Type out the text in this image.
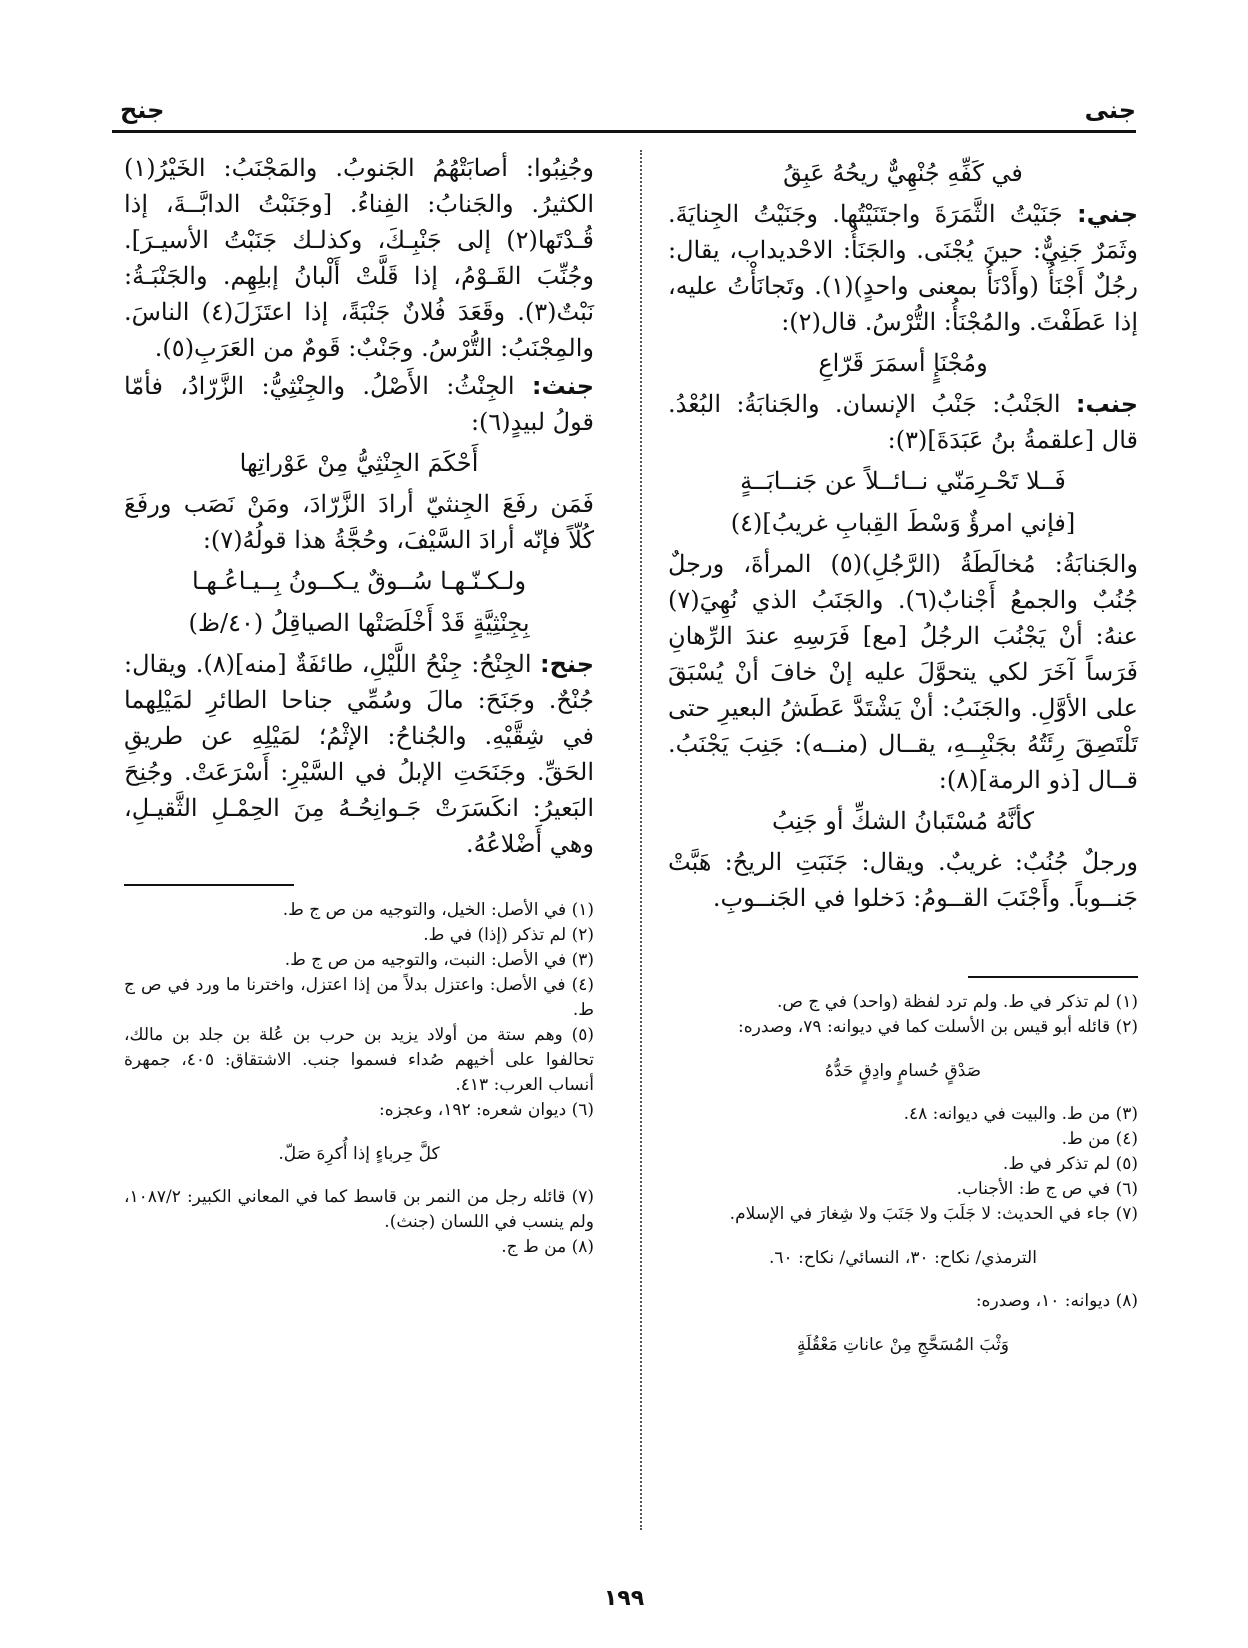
جنى
جنح
في كَفِّهِ جُنْهِيٌّ ريحُهُ عَبِقُ

جني: جَنَيْتُ الثَّمَرَةَ واجتَنَيْتُها. وجَنَيْتُ الجِنايَةَ. وثَمَرٌ جَنِيٌّ: حينَ يُجْنَى. والجَنَأُ: الاحْديداب، يقال: رجُلٌ أَجْنَأُ (وأَدْنَأُ بمعنى واحدٍ)(١). وتَجانَأْتُ عليه، إذا عَطَفْتَ. والمُجْنَأُ: التُّرْسُ. قال(٢):

ومُجْنَإٍ أسمَرَ قَرّاعِ

جنب: الجَنْبُ: جَنْبُ الإنسان. والجَنابَةُ: البُعْدُ. قال [علقمةُ بنُ عَبَدَةَ](٣):

فَــلا تَحْـرِمَنّي نــائــلاً عن جَنــابَــةٍ
[فإني امرؤٌ وَسْطَ القِبابِ غريبُ](٤)

والجَنابَةُ: مُخالَطَةُ (الرَّجُلِ)(٥) المرأةَ، ورجلٌ جُنُبٌ والجمعُ أَجْنابٌ(٦). والجَنَبُ الذي نُهِيَ(٧) عنهُ: أنْ يَجْنُبَ الرجُلُ [مع] فَرَسِهِ عندَ الرِّهانِ فَرَساً آخَرَ لكي يتحوَّلَ عليه إنْ خافَ أنْ يُسْبَقَ على الأوَّلِ. والجَنَبُ: أنْ يَشْتَدَّ عَطَشُ البعيرِ حتى تَلْتَصِقَ رِئَتُهُ بجَنْبِــهِ، يقــال (منــه): جَنِبَ يَجْنَبُ. قــال [ذو الرمة](٨):

كأنَّهُ مُسْتَبانُ الشكِّ أو جَنِبُ

ورجلٌ جُنُبٌ: غريبٌ. ويقال: جَنَبَتِ الريحُ: هَبَّتْ جَنــوباً. وأَجْنَبَ القــومُ: دَخلوا في الجَنــوبِ.

(١) لم تذكر في ط. ولم ترد لفظة (واحد) في ج ص.

(٢) قائله أبو قيس بن الأسلت كما في ديوانه: ٧٩، وصدره:

صَدْقٍ حُسامٍ وادِقٍ حَدُّهُ

(٣) من ط. والبيت في ديوانه: ٤٨.

(٤) من ط.

(٥) لم تذكر في ط.

(٦) في ص ج ط: الأجناب.

(٧) جاء في الحديث: لا جَلَبَ ولا جَنَبَ ولا شِغارَ في الإسلام.

الترمذي/ نكاح: ٣٠، النسائي/ نكاح: ٦٠.

(٨) ديوانه: ١٠، وصدره:

وَثْبَ المُسَحَّجِ مِنْ عاناتِ مَعْقُلَةٍ

وجُنِبُوا: أصابَتْهُمُ الجَنوبُ. والمَجْنَبُ: الخَيْرُ(١) الكثيرُ. والجَنابُ: الفِناءُ. [وجَنَبْتُ الدابَّــةَ، إذا قُـدْتَها(٢) إلى جَنْبِـكَ، وكذلـك جَنَبْتُ الأسيـرَ]. وجُنِّبَ القَـوْمُ، إذا قَلَّتْ أَلْبانُ إبلِهِم. والجَنْبَـةُ: نَبْتٌ(٣). وقَعَدَ فُلانٌ جَنْبَةً، إذا اعتَزَلَ(٤) الناسَ. والمِجْنَبُ: التُّرْسُ. وجَنْبٌ: قَومٌ من العَرَبِ(٥).

جنث: الجِنْثُ: الأَصْلُ. والجِنْثِيُّ: الزَّرّادُ، فأمّا قولُ لبيدٍ(٦):

أَحْكَمَ الجِنْثِيُّ مِنْ عَوْراتِها

فَمَن رفَعَ الجِنثيّ أرادَ الزَّرّادَ، ومَنْ نَصَب ورفَعَ كُلّاً فإنّه أرادَ السَّيْفَ، وحُجَّةُ هذا قولُهُ(٧):

ولـكـنّـهـا سُــوقٌ يـكــونُ بِــيـاعُـهـا
بِجِنْثِيَّةٍ قَدْ أَخْلَصَتْها الصياقِلُ (٤٠/ظ)

جنح: الجِنْحُ: جِنْحُ اللَّيْلِ، طائفَةٌ [منه](٨). ويقال: جُنْحٌ. وجَنَحَ: مالَ وسُمِّي جناحا الطائرِ لمَيْلِهما في شِقَّيْهِ. والجُناحُ: الإثْمُ؛ لمَيْلِهِ عن طريقِ الحَقِّ. وجَنَحَتِ الإبلُ في السَّيْرِ: أَسْرَعَتْ. وجُنِحَ البَعيرُ: انكَسَرَتْ جَـوانِحُـهُ مِنَ الحِمْـلِ الثَّقيـلِ، وهي أَضْلاعُهُ.

(١) في الأصل: الخيل، والتوجيه من ص ج ط.

(٢) لم تذكر (إذا) في ط.

(٣) في الأصل: النبت، والتوجيه من ص ج ط.

(٤) في الأصل: واعتزل بدلاً من إذا اعتزل، واخترنا ما ورد في ص ج ط.

(٥) وهم ستة من أولاد يزيد بن حرب بن عُلة بن جلد بن مالك، تحالفوا على أخيهم صُداء فسموا جنب. الاشتقاق: ٤٠٥، جمهرة أنساب العرب: ٤١٣.

(٦) ديوان شعره: ١٩٢، وعجزه:

كلَّ حِرباءٍ إذا أُكرِهَ صَلّ.

(٧) قائله رجل من النمر بن قاسط كما في المعاني الكبير: ١٠٨٧/٢، ولم ينسب في اللسان (جنث).

(٨) من ط ج.

١٩٩
